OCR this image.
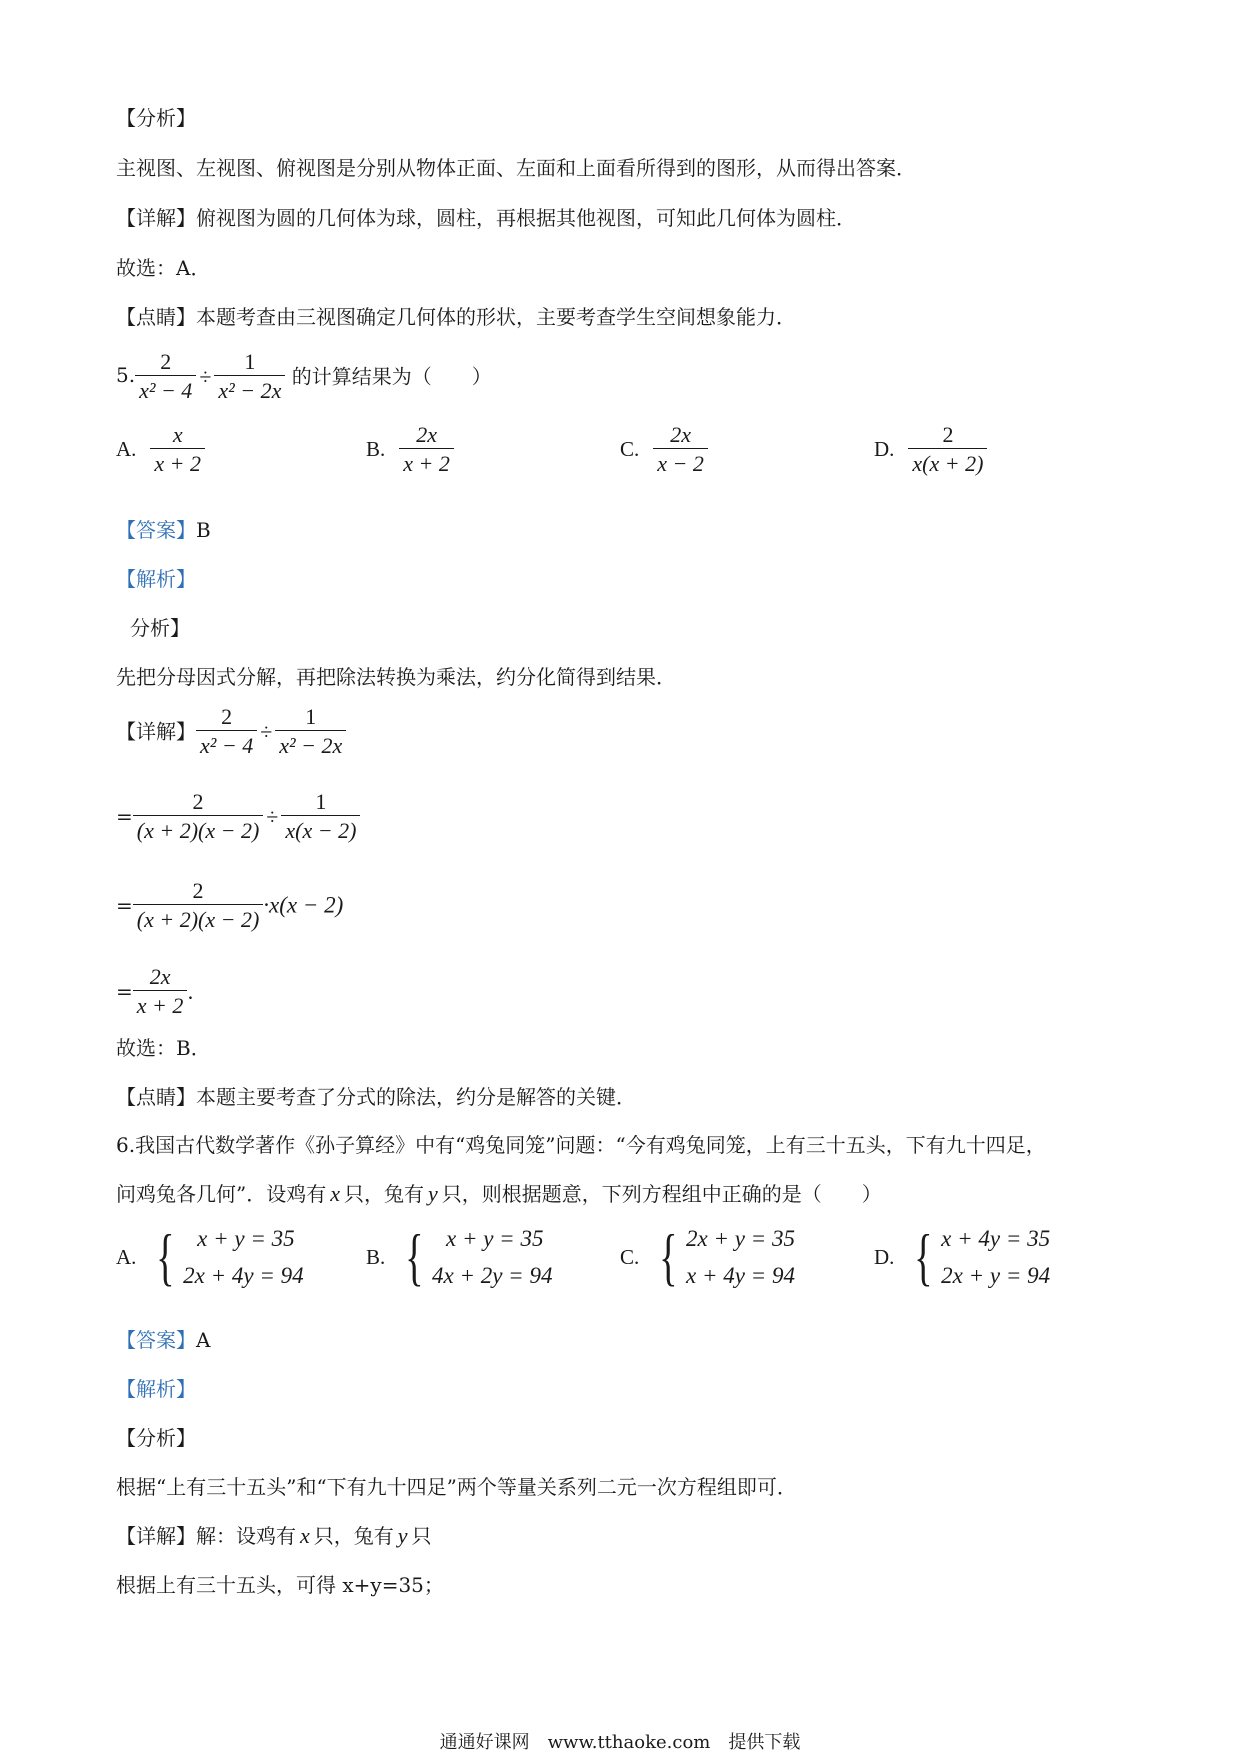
【分析】
主视图、左视图、俯视图是分别从物体正面、左面和上面看所得到的图形，从而得出答案．
【详解】俯视图为圆的几何体为球，圆柱，再根据其他视图，可知此几何体为圆柱．
故选：A．
【点睛】本题考查由三视图确定几何体的形状，主要考查学生空间想象能力．
5. $\frac{2}{\text{x² − 4}} \div \frac{1}{\text{x² − 2x}}$ 的计算结果为（　　）
A. $\frac{x}{x + 2}$	B. $\frac{2x}{x + 2}$	C. $\frac{2x}{x - 2}$	D. $\frac{2}{x(x + 2)}$
【答案】B
【解析】
分析】
先把分母因式分解，再把除法转换为乘法，约分化简得到结果．
【详解】 $\frac{2}{\text{x² − 4}} \div \frac{1}{\text{x² − 2x}}$
= $\frac{2}{(x + 2)(x - 2)} \div \frac{1}{x(x - 2)}$
= $\frac{2}{(x + 2)(x - 2)} \cdot x(x - 2)$
= $\frac{2x}{x + 2}$ ．
故选：B．
【点睛】本题主要考查了分式的除法，约分是解答的关键．
6.我国古代数学著作《孙子算经》中有“鸡兔同笼”问题：“今有鸡兔同笼，上有三十五头，下有九十四足，
问鸡兔各几何”．设鸡有 x 只，兔有 y 只，则根据题意，下列方程组中正确的是（　　）
A. { x + y = 35
2x + 4y = 94
B. { x + y = 35
4x + 2y = 94
C. { 2x + y = 35
x + 4y = 94
D. { x + 4y = 35
2x + y = 94
【答案】A
【解析】
【分析】
根据“上有三十五头”和“下有九十四足”两个等量关系列二元一次方程组即可．
【详解】解：设鸡有 x 只，兔有 y 只
根据上有三十五头，可得 x+y=35；
通通好课网　www.tthaoke.com　提供下载
